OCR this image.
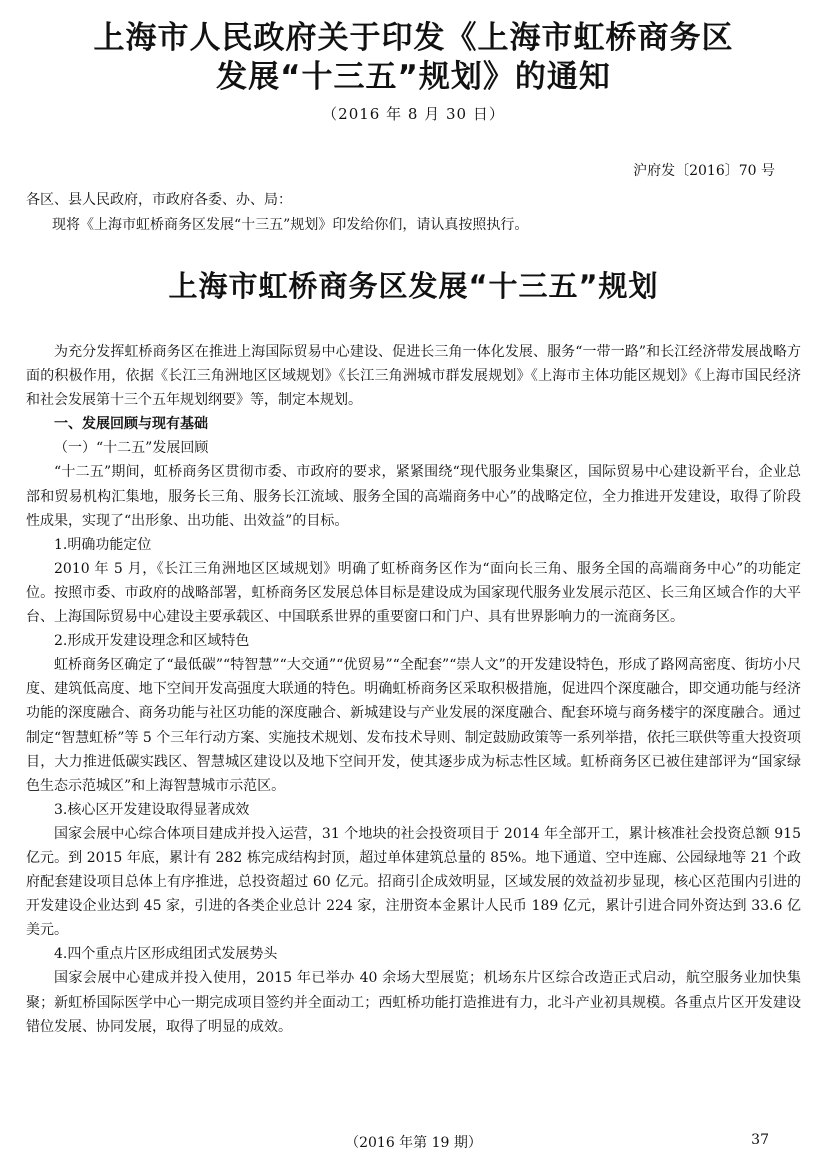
上海市人民政府关于印发《上海市虹桥商务区
发展“十三五”规划》的通知
（2016 年 8 月 30 日）
沪府发〔2016〕70 号
各区、县人民政府，市政府各委、办、局：
现将《上海市虹桥商务区发展“十三五”规划》印发给你们，请认真按照执行。
上海市虹桥商务区发展“十三五”规划

为充分发挥虹桥商务区在推进上海国际贸易中心建设、促进长三角一体化发展、服务“一带一路”和长江经济带发展战略方面的积极作用，依据《长江三角洲地区区域规划》《长江三角洲城市群发展规划》《上海市主体功能区规划》《上海市国民经济和社会发展第十三个五年规划纲要》等，制定本规划。

一、发展回顾与现有基础

（一）“十二五”发展回顾

“十二五”期间，虹桥商务区贯彻市委、市政府的要求，紧紧围绕“现代服务业集聚区，国际贸易中心建设新平台，企业总部和贸易机构汇集地，服务长三角、服务长江流域、服务全国的高端商务中心”的战略定位，全力推进开发建设，取得了阶段性成果，实现了“出形象、出功能、出效益”的目标。

1.明确功能定位

2010 年 5 月，《长江三角洲地区区域规划》明确了虹桥商务区作为“面向长三角、服务全国的高端商务中心”的功能定位。按照市委、市政府的战略部署，虹桥商务区发展总体目标是建设成为国家现代服务业发展示范区、长三角区域合作的大平台、上海国际贸易中心建设主要承载区、中国联系世界的重要窗口和门户、具有世界影响力的一流商务区。

2.形成开发建设理念和区域特色

虹桥商务区确定了“最低碳”“特智慧”“大交通”“优贸易”“全配套”“崇人文”的开发建设特色，形成了路网高密度、街坊小尺度、建筑低高度、地下空间开发高强度大联通的特色。明确虹桥商务区采取积极措施，促进四个深度融合，即交通功能与经济功能的深度融合、商务功能与社区功能的深度融合、新城建设与产业发展的深度融合、配套环境与商务楼宇的深度融合。通过制定“智慧虹桥”等 5 个三年行动方案、实施技术规划、发布技术导则、制定鼓励政策等一系列举措，依托三联供等重大投资项目，大力推进低碳实践区、智慧城区建设以及地下空间开发，使其逐步成为标志性区域。虹桥商务区已被住建部评为“国家绿色生态示范城区”和上海智慧城市示范区。

3.核心区开发建设取得显著成效

国家会展中心综合体项目建成并投入运营，31 个地块的社会投资项目于 2014 年全部开工，累计核准社会投资总额 915 亿元。到 2015 年底，累计有 282 栋完成结构封顶，超过单体建筑总量的 85%。地下通道、空中连廊、公园绿地等 21 个政府配套建设项目总体上有序推进，总投资超过 60 亿元。招商引企成效明显，区域发展的效益初步显现，核心区范围内引进的开发建设企业达到 45 家，引进的各类企业总计 224 家，注册资本金累计人民币 189 亿元，累计引进合同外资达到 33.6 亿美元。

4.四个重点片区形成组团式发展势头

国家会展中心建成并投入使用，2015 年已举办 40 余场大型展览；机场东片区综合改造正式启动，航空服务业加快集聚；新虹桥国际医学中心一期完成项目签约并全面动工；西虹桥功能打造推进有力，北斗产业初具规模。各重点片区开发建设错位发展、协同发展，取得了明显的成效。

（2016 年第 19 期）	37
